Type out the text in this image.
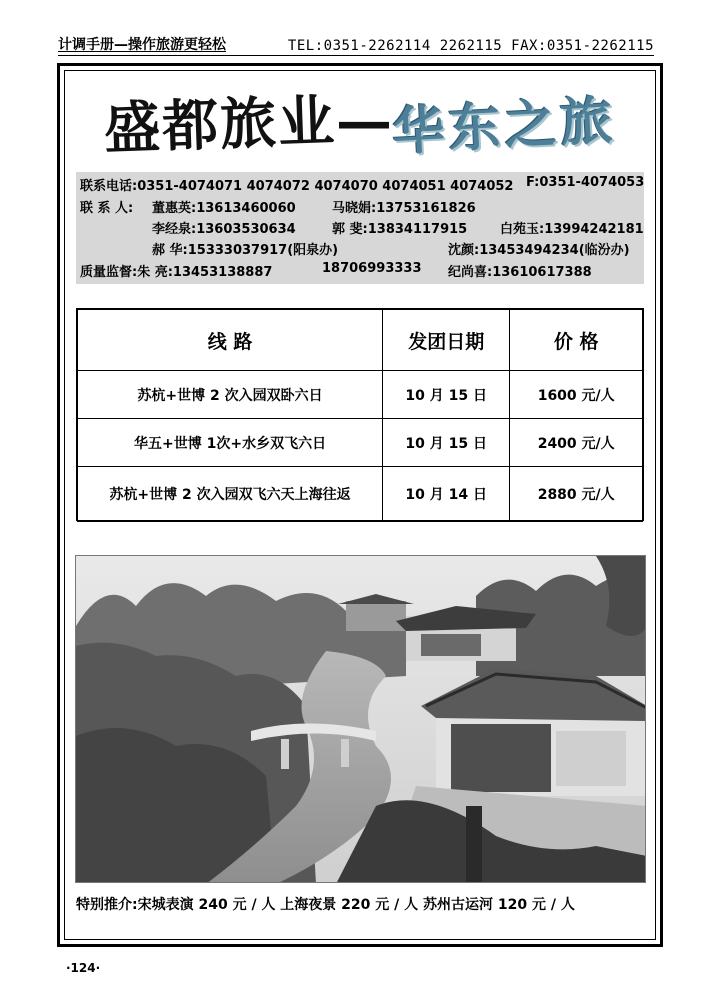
计调手册—操作旅游更轻松	TEL:0351-2262114 2262115 FAX:0351-2262115
盛都旅业
—
华东之旅
联系电话:0351-4074071 4074072 4074070 4074051 4074052 F:0351-4074053
联 系 人: 董惠英:13613460060	马晓娟:13753161826
李经泉:13603530634	郭 斐:13834117915	白苑玉:13994242181
郝 华:15333037917(阳泉办)	沈颜:13453494234(临汾办)
质量监督:朱 亮:13453138887	18706993333 纪尚喜:13610617388
线 路	发团日期	价 格
苏杭+世博 2 次入园双卧六日	10 月 15 日	1600 元/人
华五+世博 1次+水乡双飞六日	10 月 15 日	2400 元/人
苏杭+世博 2 次入园双飞六天上海往返	10 月 14 日	2880 元/人
特别推介:宋城表演 240 元 / 人 上海夜景 220 元 / 人 苏州古运河 120 元 / 人
·124·
